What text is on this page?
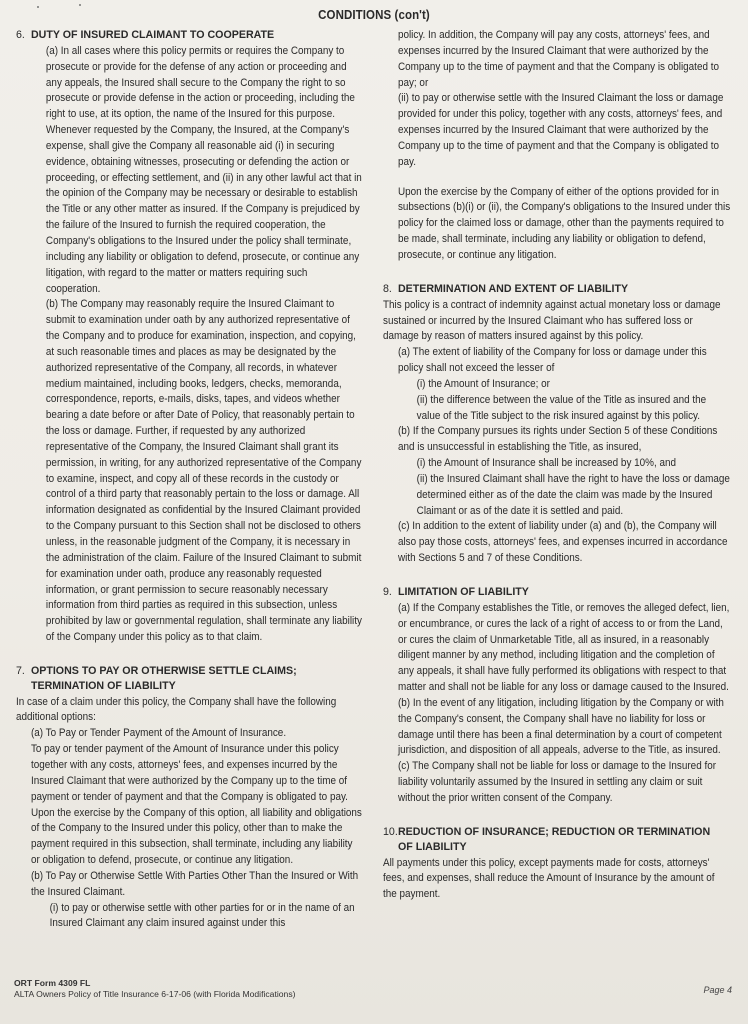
CONDITIONS (con't)
6. DUTY OF INSURED CLAIMANT TO COOPERATE

(a) In all cases where this policy permits or requires the Company to prosecute or provide for the defense of any action or proceeding and any appeals, the Insured shall secure to the Company the right to so prosecute or provide defense in the action or proceeding, including the right to use, at its option, the name of the Insured for this purpose. Whenever requested by the Company, the Insured, at the Company's expense, shall give the Company all reasonable aid (i) in securing evidence, obtaining witnesses, prosecuting or defending the action or proceeding, or effecting settlement, and (ii) in any other lawful act that in the opinion of the Company may be necessary or desirable to establish the Title or any other matter as insured. If the Company is prejudiced by the failure of the Insured to furnish the required cooperation, the Company's obligations to the Insured under the policy shall terminate, including any liability or obligation to defend, prosecute, or continue any litigation, with regard to the matter or matters requiring such cooperation.

(b) The Company may reasonably require the Insured Claimant to submit to examination under oath by any authorized representative of the Company and to produce for examination, inspection, and copying, at such reasonable times and places as may be designated by the authorized representative of the Company, all records, in whatever medium maintained, including books, ledgers, checks, memoranda, correspondence, reports, e-mails, disks, tapes, and videos whether bearing a date before or after Date of Policy, that reasonably pertain to the loss or damage. Further, if requested by any authorized representative of the Company, the Insured Claimant shall grant its permission, in writing, for any authorized representative of the Company to examine, inspect, and copy all of these records in the custody or control of a third party that reasonably pertain to the loss or damage. All information designated as confidential by the Insured Claimant provided to the Company pursuant to this Section shall not be disclosed to others unless, in the reasonable judgment of the Company, it is necessary in the administration of the claim. Failure of the Insured Claimant to submit for examination under oath, produce any reasonably requested information, or grant permission to secure reasonably necessary information from third parties as required in this subsection, unless prohibited by law or governmental regulation, shall terminate any liability of the Company under this policy as to that claim.

7. OPTIONS TO PAY OR OTHERWISE SETTLE CLAIMS;
TERMINATION OF LIABILITY

In case of a claim under this policy, the Company shall have the following additional options:

(a) To Pay or Tender Payment of the Amount of Insurance.

To pay or tender payment of the Amount of Insurance under this policy together with any costs, attorneys' fees, and expenses incurred by the Insured Claimant that were authorized by the Company up to the time of payment or tender of payment and that the Company is obligated to pay.

Upon the exercise by the Company of this option, all liability and obligations of the Company to the Insured under this policy, other than to make the payment required in this subsection, shall terminate, including any liability or obligation to defend, prosecute, or continue any litigation.

(b) To Pay or Otherwise Settle With Parties Other Than the Insured or With the Insured Claimant.

(i) to pay or otherwise settle with other parties for or in the name of an Insured Claimant any claim insured against under this

policy. In addition, the Company will pay any costs, attorneys' fees, and expenses incurred by the Insured Claimant that were authorized by the Company up to the time of payment and that the Company is obligated to pay; or

(ii) to pay or otherwise settle with the Insured Claimant the loss or damage provided for under this policy, together with any costs, attorneys' fees, and expenses incurred by the Insured Claimant that were authorized by the Company up to the time of payment and that the Company is obligated to pay.

Upon the exercise by the Company of either of the options provided for in subsections (b)(i) or (ii), the Company's obligations to the Insured under this policy for the claimed loss or damage, other than the payments required to be made, shall terminate, including any liability or obligation to defend, prosecute, or continue any litigation.

8. DETERMINATION AND EXTENT OF LIABILITY

This policy is a contract of indemnity against actual monetary loss or damage sustained or incurred by the Insured Claimant who has suffered loss or damage by reason of matters insured against by this policy.

(a) The extent of liability of the Company for loss or damage under this policy shall not exceed the lesser of

(i) the Amount of Insurance; or

(ii) the difference between the value of the Title as insured and the value of the Title subject to the risk insured against by this policy.

(b) If the Company pursues its rights under Section 5 of these Conditions and is unsuccessful in establishing the Title, as insured,

(i) the Amount of Insurance shall be increased by 10%, and

(ii) the Insured Claimant shall have the right to have the loss or damage determined either as of the date the claim was made by the Insured Claimant or as of the date it is settled and paid.

(c) In addition to the extent of liability under (a) and (b), the Company will also pay those costs, attorneys' fees, and expenses incurred in accordance with Sections 5 and 7 of these Conditions.

9. LIMITATION OF LIABILITY

(a) If the Company establishes the Title, or removes the alleged defect, lien, or encumbrance, or cures the lack of a right of access to or from the Land, or cures the claim of Unmarketable Title, all as insured, in a reasonably diligent manner by any method, including litigation and the completion of any appeals, it shall have fully performed its obligations with respect to that matter and shall not be liable for any loss or damage caused to the Insured.

(b) In the event of any litigation, including litigation by the Company or with the Company's consent, the Company shall have no liability for loss or damage until there has been a final determination by a court of competent jurisdiction, and disposition of all appeals, adverse to the Title, as insured.

(c) The Company shall not be liable for loss or damage to the Insured for liability voluntarily assumed by the Insured in settling any claim or suit without the prior written consent of the Company.

10.REDUCTION OF INSURANCE; REDUCTION OR TERMINATION
OF LIABILITY

All payments under this policy, except payments made for costs, attorneys' fees, and expenses, shall reduce the Amount of Insurance by the amount of the payment.

ORT Form 4309 FL
ALTA Owners Policy of Title Insurance 6-17-06 (with Florida Modifications)	Page 4
